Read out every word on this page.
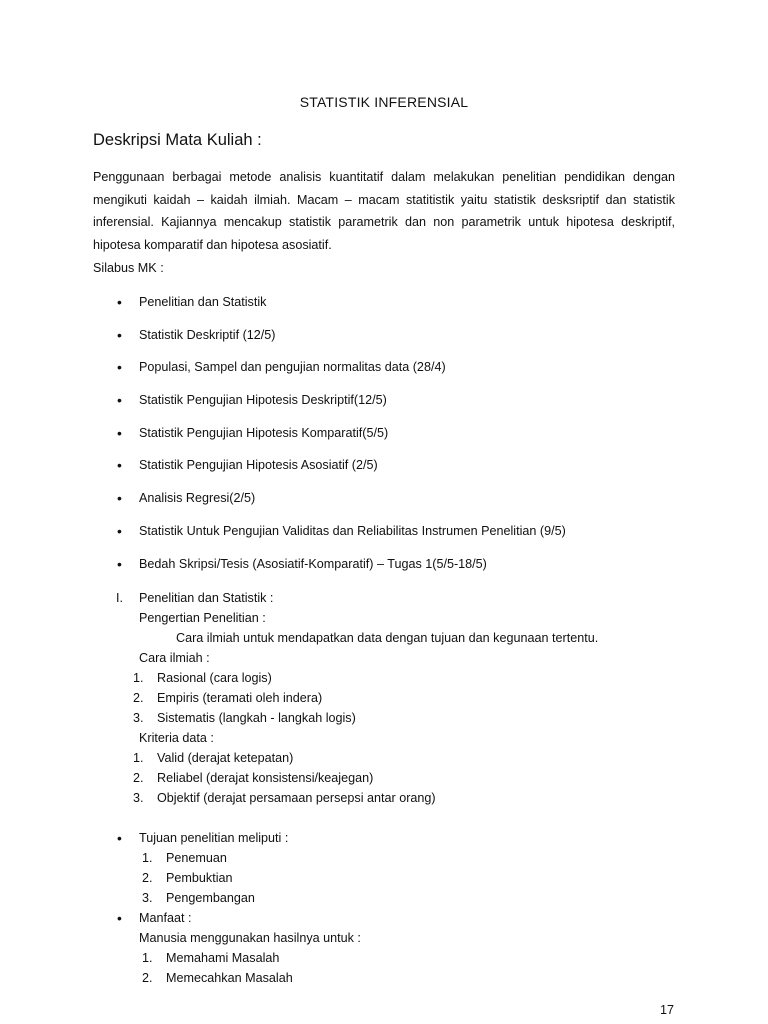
STATISTIK INFERENSIAL
Deskripsi Mata Kuliah :
Penggunaan berbagai metode analisis kuantitatif dalam melakukan penelitian pendidikan dengan mengikuti kaidah – kaidah ilmiah. Macam – macam statitistik yaitu statistik desksriptif dan statistik inferensial. Kajiannya mencakup statistik parametrik dan non parametrik untuk hipotesa deskriptif, hipotesa komparatif dan hipotesa asosiatif.
Silabus MK :
• Penelitian dan Statistik
• Statistik Deskriptif (12/5)
• Populasi, Sampel dan pengujian normalitas data (28/4)
• Statistik Pengujian Hipotesis Deskriptif(12/5)
• Statistik Pengujian Hipotesis Komparatif(5/5)
• Statistik Pengujian Hipotesis Asosiatif (2/5)
• Analisis Regresi(2/5)
• Statistik Untuk Pengujian Validitas dan Reliabilitas Instrumen Penelitian (9/5)
• Bedah Skripsi/Tesis (Asosiatif-Komparatif) – Tugas 1(5/5-18/5)
I. Penelitian dan Statistik :
Pengertian Penelitian :
Cara ilmiah untuk mendapatkan data dengan tujuan dan kegunaan tertentu.
Cara ilmiah :
1. Rasional (cara logis)
2. Empiris (teramati oleh indera)
3. Sistematis (langkah - langkah logis)
Kriteria data :
1. Valid (derajat ketepatan)
2. Reliabel (derajat konsistensi/keajegan)
3. Objektif (derajat persamaan persepsi antar orang)
• Tujuan penelitian meliputi :
1. Penemuan
2. Pembuktian
3. Pengembangan
• Manfaat :
Manusia menggunakan hasilnya untuk :
1. Memahami Masalah
2. Memecahkan Masalah
17
